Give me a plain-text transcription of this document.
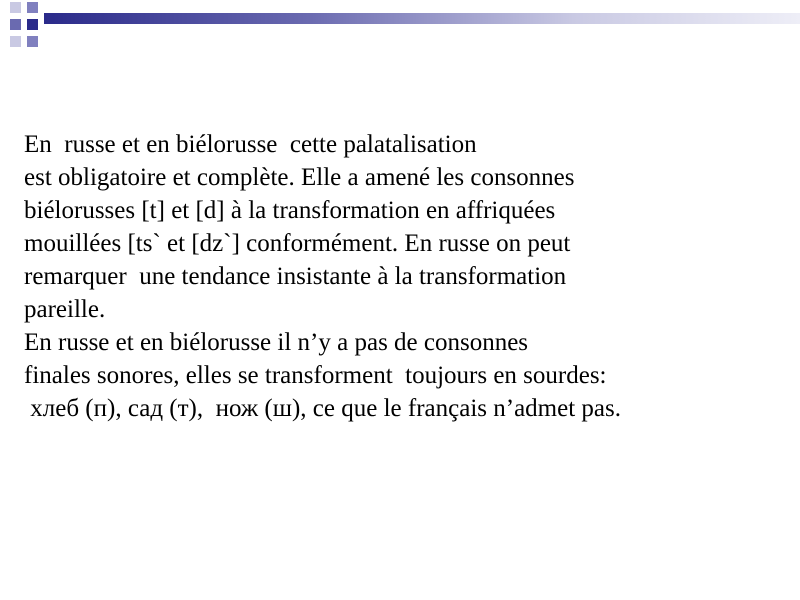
En  russe et en biélorusse  cette palatalisation
est obligatoire et complète. Elle a amené les consonnes
biélorusses [t] et [d] à la transformation en affriquées
mouillées [ts` et [dz`] conformément. En russe on peut
remarquer  une tendance insistante à la transformation
pareille.
En russe et en biélorusse il n’y a pas de consonnes
finales sonores, elles se transforment  toujours en sourdes:
хлеб (п), сад (т),  нож (ш), ce que le français n’admet pas.
